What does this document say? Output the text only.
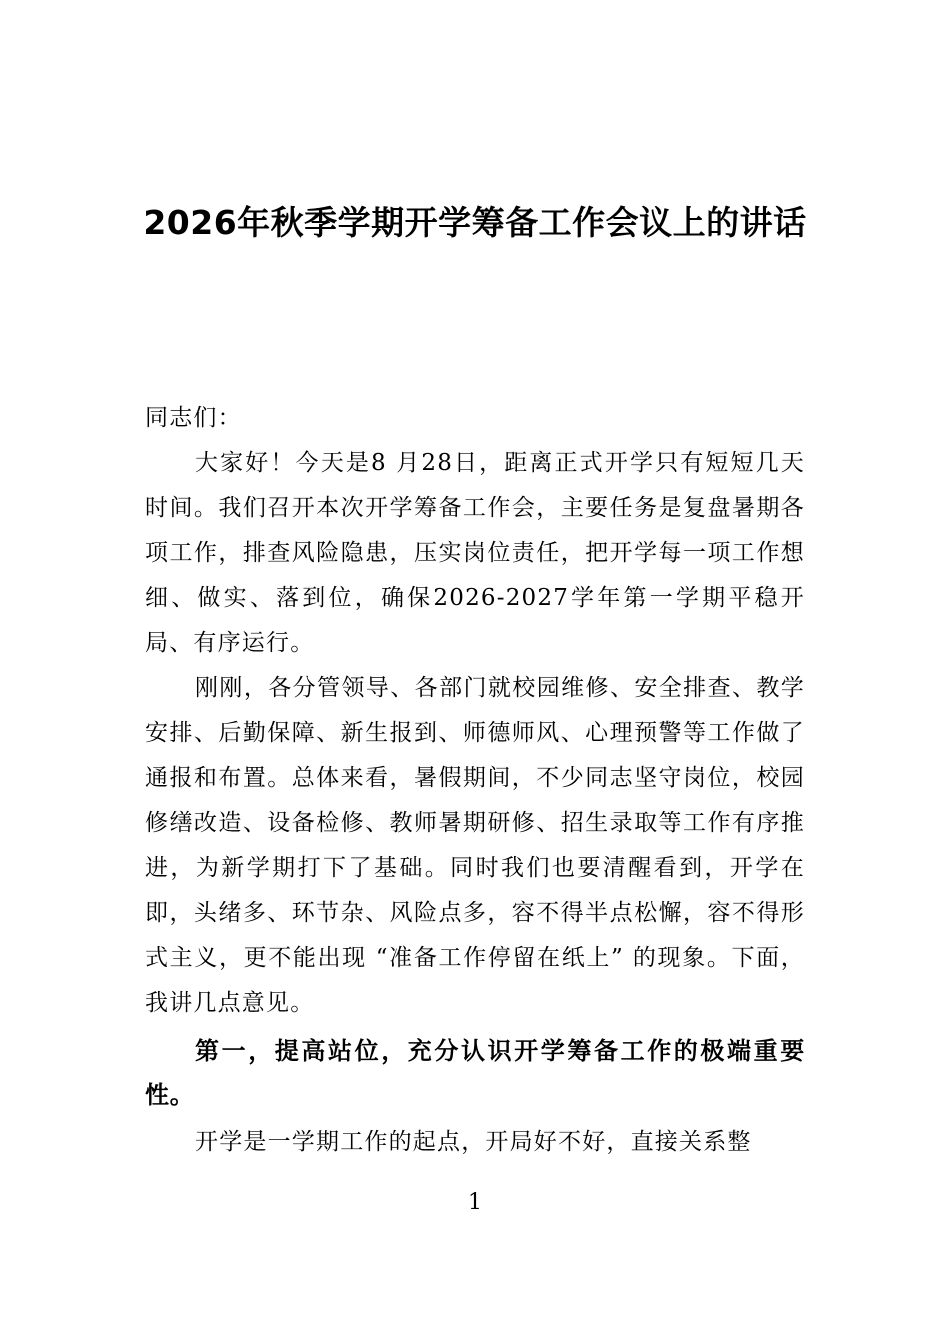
2026年秋季学期开学筹备工作会议上的讲话

同志们：

大家好！今天是8 月28日，距离正式开学只有短短几天时间。我们召开本次开学筹备工作会，主要任务是复盘暑期各项工作，排查风险隐患，压实岗位责任，把开学每一项工作想细、做实、落到位，确保2026-2027学年第一学期平稳开局、有序运行。

刚刚，各分管领导、各部门就校园维修、安全排查、教学安排、后勤保障、新生报到、师德师风、心理预警等工作做了通报和布置。总体来看，暑假期间，不少同志坚守岗位，校园修缮改造、设备检修、教师暑期研修、招生录取等工作有序推进，为新学期打下了基础。同时我们也要清醒看到，开学在即，头绪多、环节杂、风险点多，容不得半点松懈，容不得形式主义，更不能出现 “准备工作停留在纸上” 的现象。下面，我讲几点意见。

第一，提高站位，充分认识开学筹备工作的极端重要性。

开学是一学期工作的起点，开局好不好，直接关系整

1
